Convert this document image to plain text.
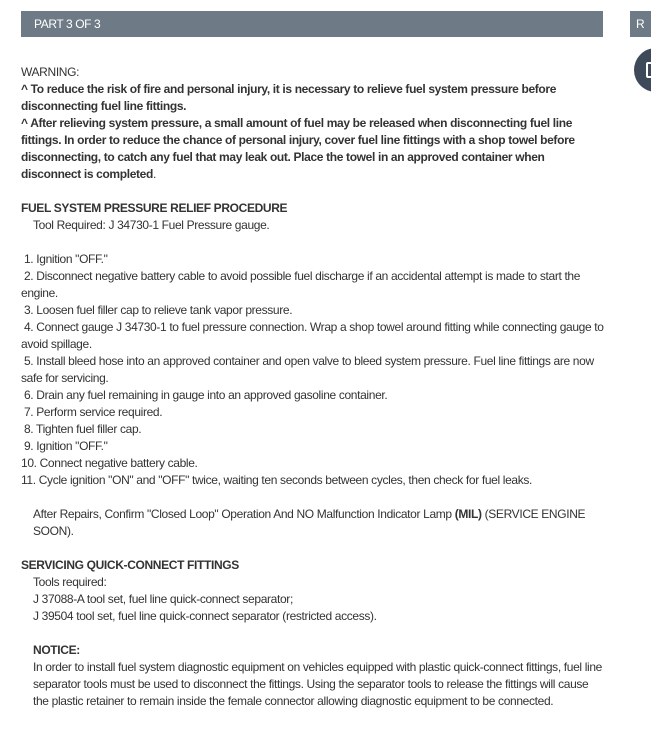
PART 3 OF 3	R

WARNING:

^ To reduce the risk of fire and personal injury, it is necessary to relieve fuel system pressure before disconnecting fuel line fittings.

^ After relieving system pressure, a small amount of fuel may be released when disconnecting fuel line fittings. In order to reduce the chance of personal injury, cover fuel line fittings with a shop towel before disconnecting, to catch any fuel that may leak out. Place the towel in an approved container when disconnect is completed.

FUEL SYSTEM PRESSURE RELIEF PROCEDURE

Tool Required: J 34730-1 Fuel Pressure gauge.

1. Ignition "OFF."

2. Disconnect negative battery cable to avoid possible fuel discharge if an accidental attempt is made to start the engine.

3. Loosen fuel filler cap to relieve tank vapor pressure.

4. Connect gauge J 34730-1 to fuel pressure connection. Wrap a shop towel around fitting while connecting gauge to avoid spillage.

5. Install bleed hose into an approved container and open valve to bleed system pressure. Fuel line fittings are now safe for servicing.

6. Drain any fuel remaining in gauge into an approved gasoline container.

7. Perform service required.

8. Tighten fuel filler cap.

9. Ignition "OFF."

10. Connect negative battery cable.

11. Cycle ignition "ON" and "OFF" twice, waiting ten seconds between cycles, then check for fuel leaks.

After Repairs, Confirm "Closed Loop" Operation And NO Malfunction Indicator Lamp (MIL) (SERVICE ENGINE SOON).

SERVICING QUICK-CONNECT FITTINGS

Tools required:

J 37088-A tool set, fuel line quick-connect separator;

J 39504 tool set, fuel line quick-connect separator (restricted access).

NOTICE:

In order to install fuel system diagnostic equipment on vehicles equipped with plastic quick-connect fittings, fuel line separator tools must be used to disconnect the fittings. Using the separator tools to release the fittings will cause the plastic retainer to remain inside the female connector allowing diagnostic equipment to be connected.
